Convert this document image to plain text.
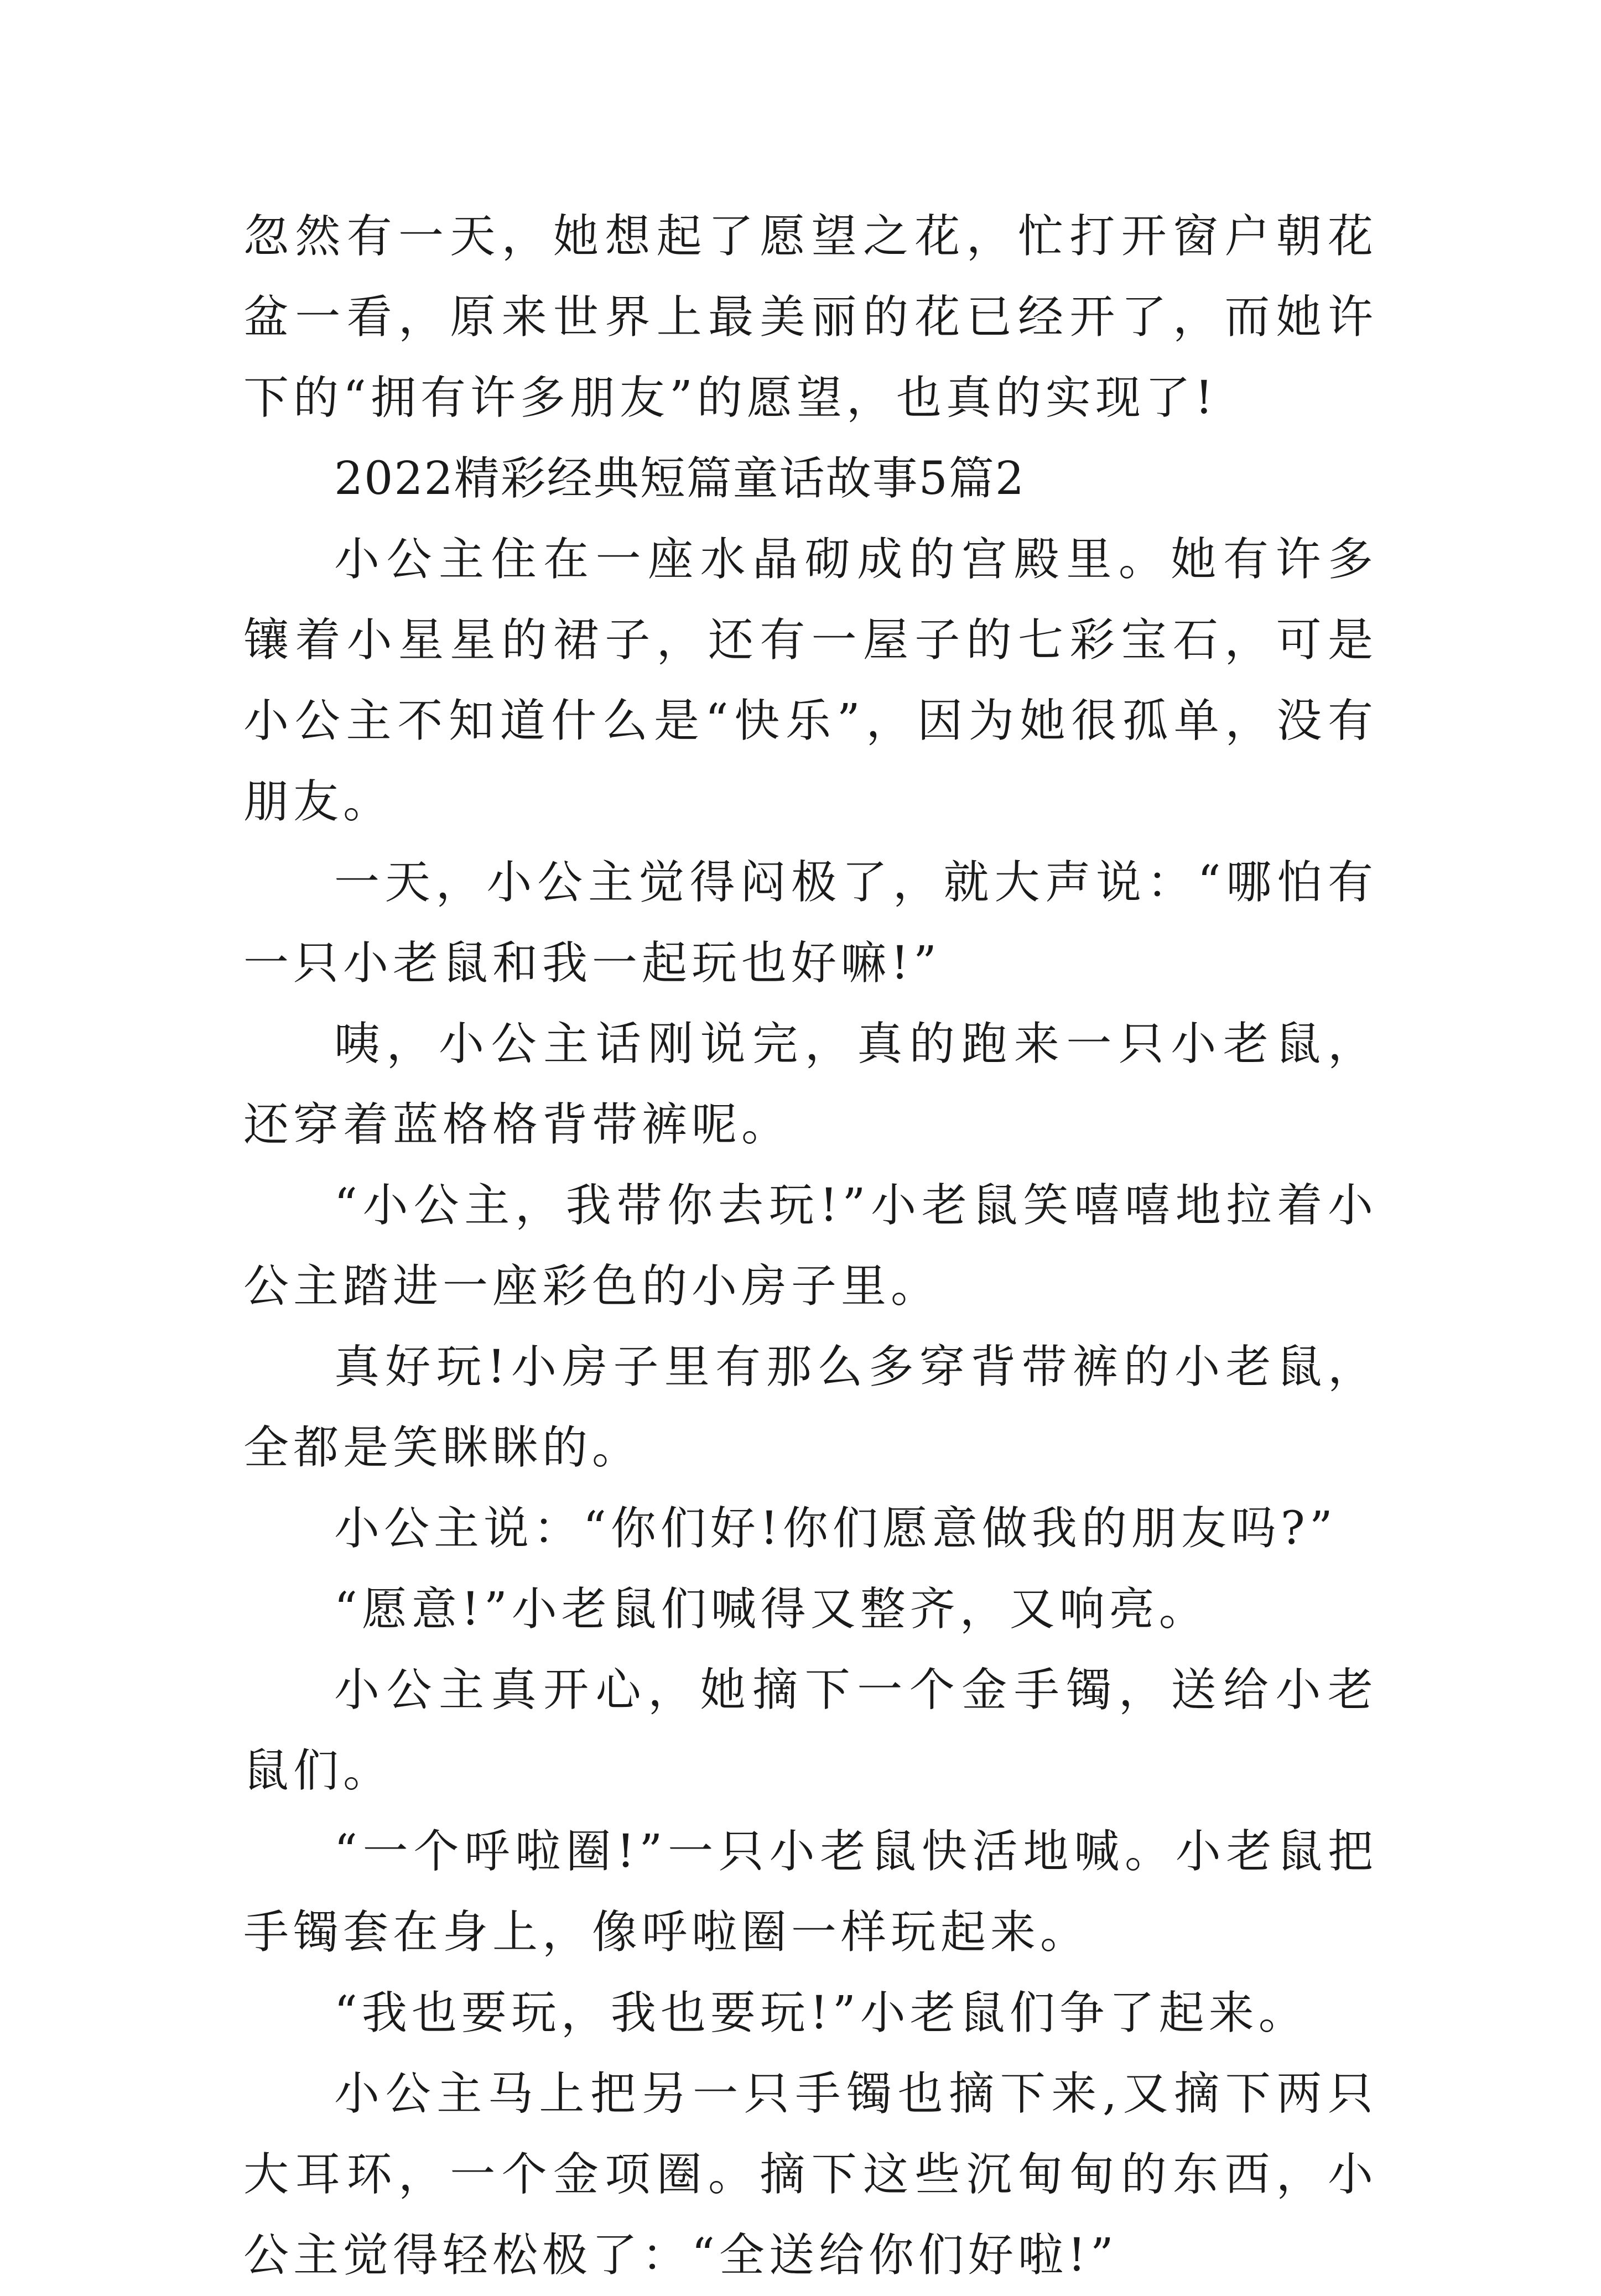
忽然有一天，她想起了愿望之花，忙打开窗户朝花盆一看，原来世界上最美丽的花已经开了，而她许下的“拥有许多朋友”的愿望，也真的实现了!

2022精彩经典短篇童话故事5篇2

小公主住在一座水晶砌成的宫殿里。她有许多镶着小星星的裙子，还有一屋子的七彩宝石，可是小公主不知道什么是“快乐”，因为她很孤单，没有朋友。

一天，小公主觉得闷极了，就大声说：“哪怕有一只小老鼠和我一起玩也好嘛!”

咦，小公主话刚说完，真的跑来一只小老鼠，还穿着蓝格格背带裤呢。

“小公主，我带你去玩!”小老鼠笑嘻嘻地拉着小公主踏进一座彩色的小房子里。

真好玩!小房子里有那么多穿背带裤的小老鼠，全都是笑眯眯的。

小公主说：“你们好!你们愿意做我的朋友吗?”

“愿意!”小老鼠们喊得又整齐，又响亮。

小公主真开心，她摘下一个金手镯，送给小老鼠们。

“一个呼啦圈!”一只小老鼠快活地喊。小老鼠把手镯套在身上，像呼啦圈一样玩起来。

“我也要玩，我也要玩!”小老鼠们争了起来。

小公主马上把另一只手镯也摘下来,又摘下两只大耳环，一个金项圈。摘下这些沉甸甸的东西，小公主觉得轻松极了：“全送给你们好啦!”
